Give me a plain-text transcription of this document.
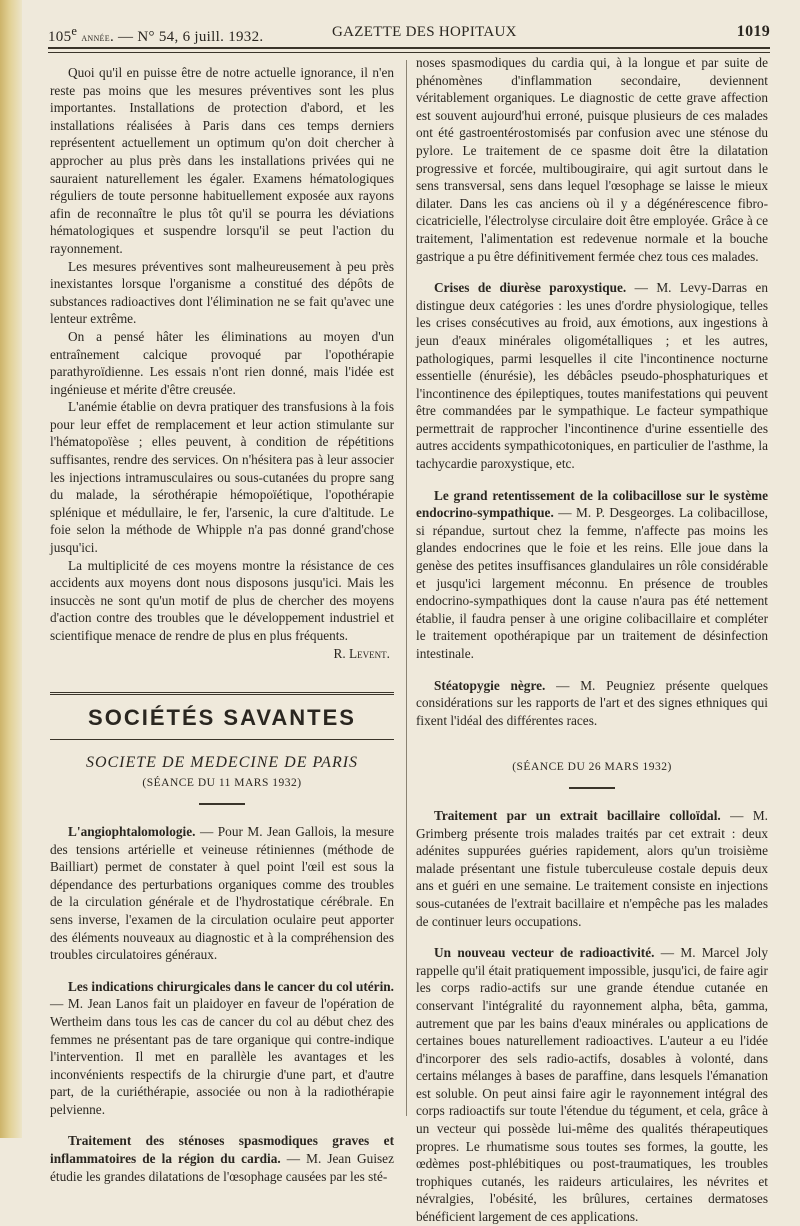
105e année. — N° 54, 6 juill. 1932.	GAZETTE DES HOPITAUX	1019

Quoi qu'il en puisse être de notre actuelle ignorance, il n'en reste pas moins que les mesures préventives sont les plus importantes. Installations de protection d'abord, et les installations réalisées à Paris dans ces temps derniers représentent actuellement un optimum qu'on doit chercher à approcher au plus près dans les installations privées qui ne sauraient naturellement les égaler. Examens hématologiques réguliers de toute personne habituellement exposée aux rayons afin de reconnaître le plus tôt qu'il se pourra les déviations hématologiques et suspendre lorsqu'il se peut l'action du rayonnement.

Les mesures préventives sont malheureusement à peu près inexistantes lorsque l'organisme a constitué des dépôts de substances radioactives dont l'élimination ne se fait qu'avec une lenteur extrême.

On a pensé hâter les éliminations au moyen d'un entraînement calcique provoqué par l'opothérapie parathyroïdienne. Les essais n'ont rien donné, mais l'idée est ingénieuse et mérite d'être creusée.

L'anémie établie on devra pratiquer des transfusions à la fois pour leur effet de remplacement et leur action stimulante sur l'hématopoïèse ; elles peuvent, à condition de répétitions suffisantes, rendre des services. On n'hésitera pas à leur associer les injections intramusculaires ou sous-cutanées du propre sang du malade, la sérothérapie hémopoïétique, l'opothérapie splénique et médullaire, le fer, l'arsenic, la cure d'altitude. Le foie selon la méthode de Whipple n'a pas donné grand'chose jusqu'ici.

La multiplicité de ces moyens montre la résistance de ces accidents aux moyens dont nous disposons jusqu'ici. Mais les insuccès ne sont qu'un motif de plus de chercher des moyens d'action contre des troubles que le développement industriel et scientifique menace de rendre de plus en plus fréquents.

R. Levent.

SOCIÉTÉS SAVANTES
SOCIETE DE MEDECINE DE PARIS
(SÉANCE DU 11 MARS 1932)

L'angiophtalomologie. — Pour M. Jean Gallois, la mesure des tensions artérielle et veineuse rétiniennes (méthode de Bailliart) permet de constater à quel point l'œil est sous la dépendance des perturbations organiques comme des troubles de la circulation générale et de l'hydrostatique cérébrale. En sens inverse, l'examen de la circulation oculaire peut apporter des éléments nouveaux au diagnostic et à la compréhension des troubles circulatoires généraux.

Les indications chirurgicales dans le cancer du col utérin. — M. Jean Lanos fait un plaidoyer en faveur de l'opération de Wertheim dans tous les cas de cancer du col au début chez des femmes ne présentant pas de tare organique qui contre-indique l'intervention. Il met en parallèle les avantages et les inconvénients respectifs de la chirurgie d'une part, et d'autre part, de la curiéthérapie, associée ou non à la radiothérapie pelvienne.

Traitement des sténoses spasmodiques graves et inflammatoires de la région du cardia. — M. Jean Guisez étudie les grandes dilatations de l'œsophage causées par les sté-

noses spasmodiques du cardia qui, à la longue et par suite de phénomènes d'inflammation secondaire, deviennent véritablement organiques. Le diagnostic de cette grave affection est souvent aujourd'hui erroné, puisque plusieurs de ces malades ont été gastroentérostomisés par confusion avec une sténose du pylore. Le traitement de ce spasme doit être la dilatation progressive et forcée, multibougiraire, qui agit surtout dans le sens transversal, sens dans lequel l'œsophage se laisse le mieux dilater. Dans les cas anciens où il y a dégénérescence fibro-cicatricielle, l'électrolyse circulaire doit être employée. Grâce à ce traitement, l'alimentation est redevenue normale et la bouche gastrique a pu être définitivement fermée chez tous ces malades.

Crises de diurèse paroxystique. — M. Levy-Darras en distingue deux catégories : les unes d'ordre physiologique, telles les crises consécutives au froid, aux émotions, aux ingestions à jeun d'eaux minérales oligométalliques ; et les autres, pathologiques, parmi lesquelles il cite l'incontinence nocturne essentielle (énurésie), les débâcles pseudo-phosphaturiques et l'incontinence des épileptiques, toutes manifestations qui peuvent être commandées par le sympathique. Le facteur sympathique permettrait de rapprocher l'incontinence d'urine essentielle des autres accidents sympathicotoniques, en particulier de l'asthme, la tachycardie paroxystique, etc.

Le grand retentissement de la colibacillose sur le système endocrino-sympathique. — M. P. Desgeorges. La colibacillose, si répandue, surtout chez la femme, n'affecte pas moins les glandes endocrines que le foie et les reins. Elle joue dans la genèse des petites insuffisances glandulaires un rôle considérable et jusqu'ici largement méconnu. En présence de troubles endocrino-sympathiques dont la cause n'aura pas été nettement établie, il faudra penser à une origine colibacillaire et compléter le traitement opothérapique par un traitement de désinfection intestinale.

Stéatopygie nègre. — M. Peugniez présente quelques considérations sur les rapports de l'art et des signes ethniques qui fixent l'idéal des différentes races.

(SÉANCE DU 26 MARS 1932)

Traitement par un extrait bacillaire colloïdal. — M. Grimberg présente trois malades traités par cet extrait : deux adénites suppurées guéries rapidement, alors qu'un troisième malade présentant une fistule tuberculeuse costale depuis deux ans et guéri en une semaine. Le traitement consiste en injections sous-cutanées de l'extrait bacillaire et n'empêche pas les malades de continuer leurs occupations.

Un nouveau vecteur de radioactivité. — M. Marcel Joly rappelle qu'il était pratiquement impossible, jusqu'ici, de faire agir les corps radio-actifs sur une grande étendue cutanée en conservant l'intégralité du rayonnement alpha, bêta, gamma, autrement que par les bains d'eaux minérales ou applications de certaines boues naturellement radioactives. L'auteur a eu l'idée d'incorporer des sels radio-actifs, dosables à volonté, dans certains mélanges à bases de paraffine, dans lesquels l'émanation est soluble. On peut ainsi faire agir le rayonnement intégral des corps radioactifs sur toute l'étendue du tégument, et cela, grâce à un vecteur qui possède lui-même des qualités thérapeutiques propres. Le rhumatisme sous toutes ses formes, la goutte, les œdèmes post-phlébitiques ou post-traumatiques, les troubles trophiques cutanés, les raideurs articulaires, les névrites et névralgies, l'obésité, les brûlures, certaines dermatoses bénéficient largement de ces applications.
